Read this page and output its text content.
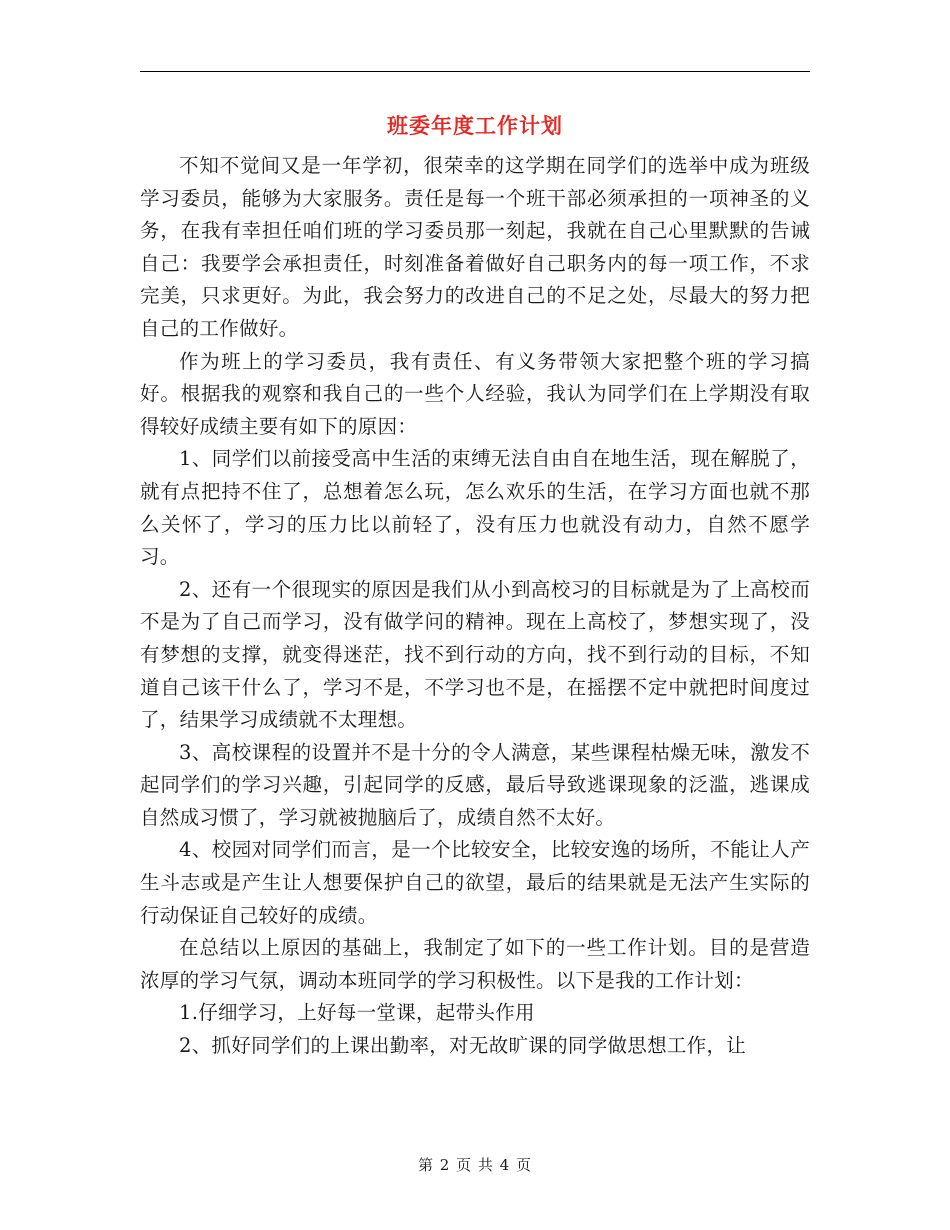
班委年度工作计划

不知不觉间又是一年学初，很荣幸的这学期在同学们的选举中成为班级学习委员，能够为大家服务。责任是每一个班干部必须承担的一项神圣的义务，在我有幸担任咱们班的学习委员那一刻起，我就在自己心里默默的告诫自己：我要学会承担责任，时刻准备着做好自己职务内的每一项工作，不求完美，只求更好。为此，我会努力的改进自己的不足之处，尽最大的努力把自己的工作做好。

作为班上的学习委员，我有责任、有义务带领大家把整个班的学习搞好。根据我的观察和我自己的一些个人经验，我认为同学们在上学期没有取得较好成绩主要有如下的原因：

1、同学们以前接受高中生活的束缚无法自由自在地生活，现在解脱了，就有点把持不住了，总想着怎么玩，怎么欢乐的生活，在学习方面也就不那么关怀了，学习的压力比以前轻了，没有压力也就没有动力，自然不愿学习。

2、还有一个很现实的原因是我们从小到高校习的目标就是为了上高校而不是为了自己而学习，没有做学问的精神。现在上高校了，梦想实现了，没有梦想的支撑，就变得迷茫，找不到行动的方向，找不到行动的目标，不知道自己该干什么了，学习不是，不学习也不是，在摇摆不定中就把时间度过了，结果学习成绩就不太理想。

3、高校课程的设置并不是十分的令人满意，某些课程枯燥无味，激发不起同学们的学习兴趣，引起同学的反感，最后导致逃课现象的泛滥，逃课成自然成习惯了，学习就被抛脑后了，成绩自然不太好。

4、校园对同学们而言，是一个比较安全，比较安逸的场所，不能让人产生斗志或是产生让人想要保护自己的欲望，最后的结果就是无法产生实际的行动保证自己较好的成绩。

在总结以上原因的基础上，我制定了如下的一些工作计划。目的是营造浓厚的学习气氛，调动本班同学的学习积极性。以下是我的工作计划：

1.仔细学习，上好每一堂课，起带头作用

2、抓好同学们的上课出勤率，对无故旷课的同学做思想工作，让

第 2 页 共 4 页
